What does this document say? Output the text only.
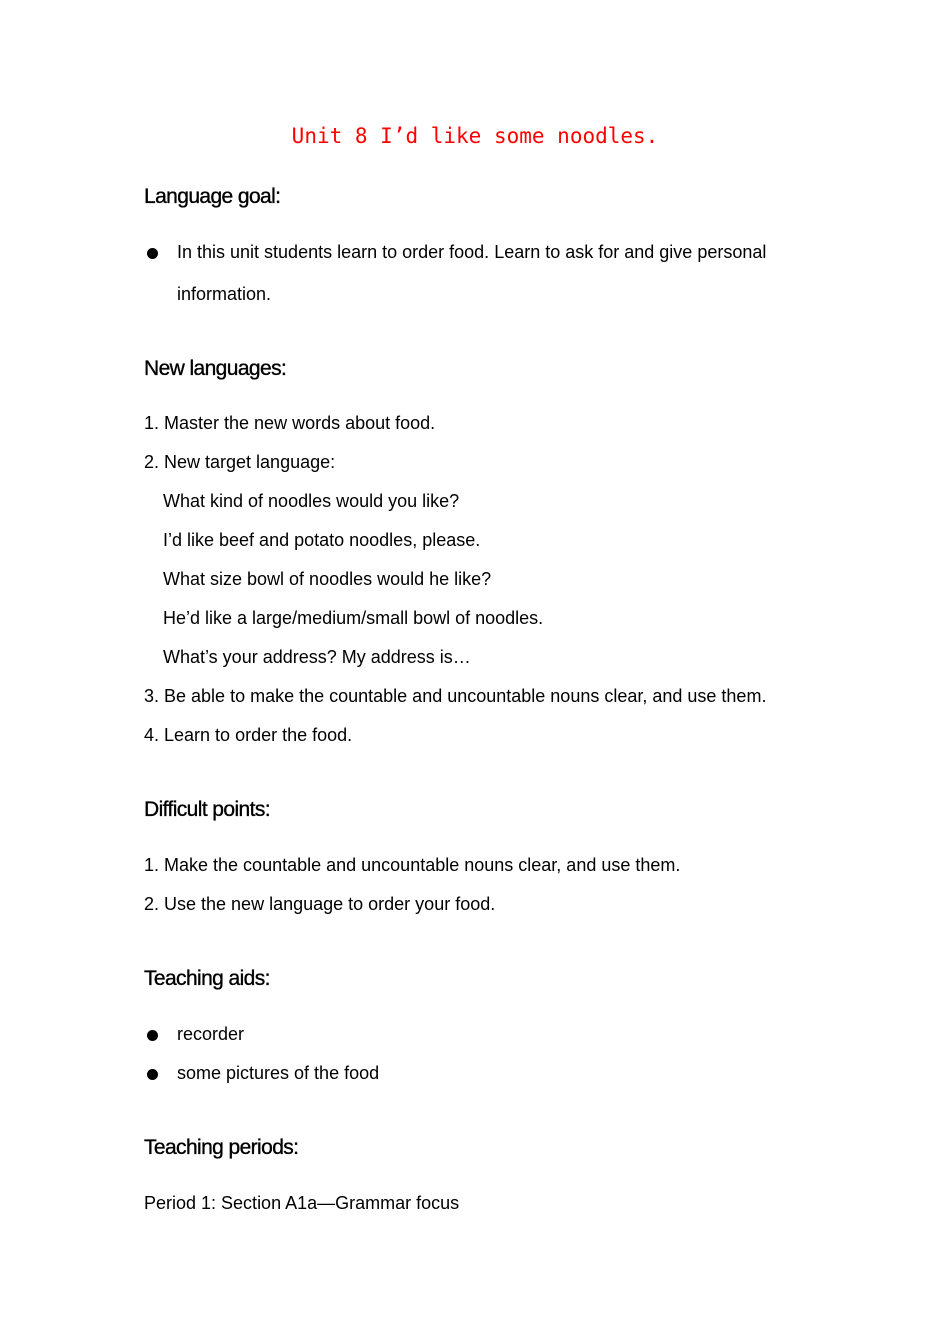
Unit 8 I’d like some noodles.
Language goal:
In this unit students learn to order food. Learn to ask for and give personal
information.
New languages:
1. Master the new words about food.
2. New target language:
What kind of noodles would you like?
I’d like beef and potato noodles, please.
What size bowl of noodles would he like?
He’d like a large/medium/small bowl of noodles.
What’s your address? My address is…
3. Be able to make the countable and uncountable nouns clear, and use them.
4. Learn to order the food.
Difficult points:
1. Make the countable and uncountable nouns clear, and use them.
2. Use the new language to order your food.
Teaching aids:
recorder
some pictures of the food
Teaching periods:
Period 1: Section A1a—Grammar focus
